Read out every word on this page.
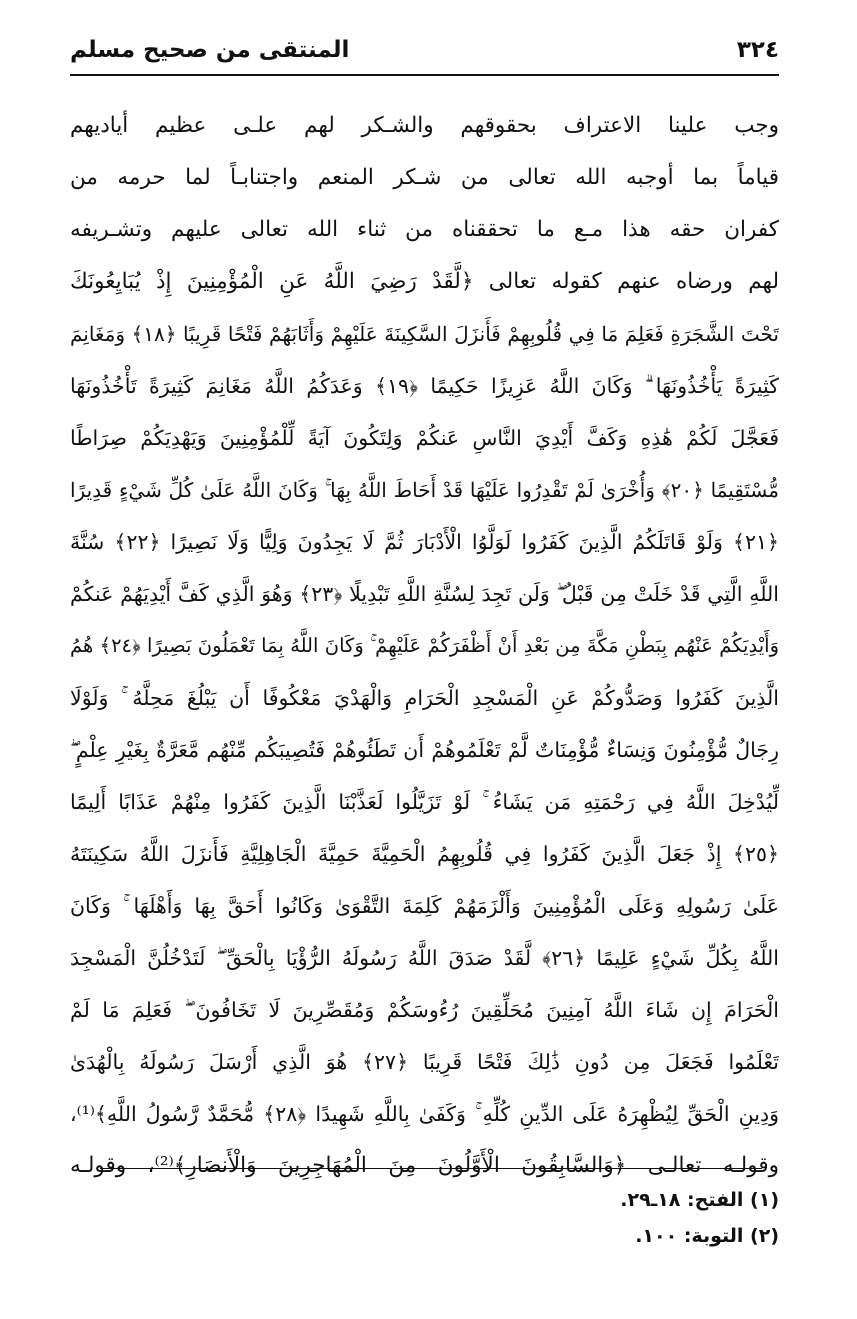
٣٢٤
المنتقى من صحيح مسلم
وجب علينا الاعتراف بحقوقهم والشـكر لهم علـى عظيم أياديهم
قياماً بما أوجبه الله تعالى من شـكر المنعم واجتنابـاً لما حرمه من
كفران حقه هذا مـع ما تحققناه من ثناء الله تعالى عليهم وتشـريفه
لهم ورضاه عنهم كقوله تعالى ﴿لَّقَدْ رَضِيَ اللَّهُ عَنِ الْمُؤْمِنِينَ إِذْ يُبَايِعُونَكَ
تَحْتَ الشَّجَرَةِ فَعَلِمَ مَا فِي قُلُوبِهِمْ فَأَنزَلَ السَّكِينَةَ عَلَيْهِمْ وَأَثَابَهُمْ فَتْحًا قَرِيبًا ﴿١٨﴾ وَمَغَانِمَ
كَثِيرَةً يَأْخُذُونَهَا ۗ وَكَانَ اللَّهُ عَزِيزًا حَكِيمًا ﴿١٩﴾ وَعَدَكُمُ اللَّهُ مَغَانِمَ كَثِيرَةً تَأْخُذُونَهَا
فَعَجَّلَ لَكُمْ هَٰذِهِ وَكَفَّ أَيْدِيَ النَّاسِ عَنكُمْ وَلِتَكُونَ آيَةً لِّلْمُؤْمِنِينَ وَيَهْدِيَكُمْ صِرَاطًا
مُّسْتَقِيمًا ﴿٢٠﴾ وَأُخْرَىٰ لَمْ تَقْدِرُوا عَلَيْهَا قَدْ أَحَاطَ اللَّهُ بِهَا ۚ وَكَانَ اللَّهُ عَلَىٰ كُلِّ شَيْءٍ قَدِيرًا
﴿٢١﴾ وَلَوْ قَاتَلَكُمُ الَّذِينَ كَفَرُوا لَوَلَّوُا الْأَدْبَارَ ثُمَّ لَا يَجِدُونَ وَلِيًّا وَلَا نَصِيرًا ﴿٢٢﴾ سُنَّةَ
اللَّهِ الَّتِي قَدْ خَلَتْ مِن قَبْلُ ۖ وَلَن تَجِدَ لِسُنَّةِ اللَّهِ تَبْدِيلًا ﴿٢٣﴾ وَهُوَ الَّذِي كَفَّ أَيْدِيَهُمْ عَنكُمْ
وَأَيْدِيَكُمْ عَنْهُم بِبَطْنِ مَكَّةَ مِن بَعْدِ أَنْ أَظْفَرَكُمْ عَلَيْهِمْ ۚ وَكَانَ اللَّهُ بِمَا تَعْمَلُونَ بَصِيرًا ﴿٢٤﴾ هُمُ
الَّذِينَ كَفَرُوا وَصَدُّوكُمْ عَنِ الْمَسْجِدِ الْحَرَامِ وَالْهَدْيَ مَعْكُوفًا أَن يَبْلُغَ مَحِلَّهُ ۚ وَلَوْلَا
رِجَالٌ مُّؤْمِنُونَ وَنِسَاءٌ مُّؤْمِنَاتٌ لَّمْ تَعْلَمُوهُمْ أَن تَطَئُوهُمْ فَتُصِيبَكُم مِّنْهُم مَّعَرَّةٌ بِغَيْرِ عِلْمٍ ۖ
لِّيُدْخِلَ اللَّهُ فِي رَحْمَتِهِ مَن يَشَاءُ ۚ لَوْ تَزَيَّلُوا لَعَذَّبْنَا الَّذِينَ كَفَرُوا مِنْهُمْ عَذَابًا أَلِيمًا
﴿٢٥﴾ إِذْ جَعَلَ الَّذِينَ كَفَرُوا فِي قُلُوبِهِمُ الْحَمِيَّةَ حَمِيَّةَ الْجَاهِلِيَّةِ فَأَنزَلَ اللَّهُ سَكِينَتَهُ
عَلَىٰ رَسُولِهِ وَعَلَى الْمُؤْمِنِينَ وَأَلْزَمَهُمْ كَلِمَةَ التَّقْوَىٰ وَكَانُوا أَحَقَّ بِهَا وَأَهْلَهَا ۚ وَكَانَ
اللَّهُ بِكُلِّ شَيْءٍ عَلِيمًا ﴿٢٦﴾ لَّقَدْ صَدَقَ اللَّهُ رَسُولَهُ الرُّؤْيَا بِالْحَقِّ ۖ لَتَدْخُلُنَّ الْمَسْجِدَ
الْحَرَامَ إِن شَاءَ اللَّهُ آمِنِينَ مُحَلِّقِينَ رُءُوسَكُمْ وَمُقَصِّرِينَ لَا تَخَافُونَ ۖ فَعَلِمَ مَا لَمْ
تَعْلَمُوا فَجَعَلَ مِن دُونِ ذَٰلِكَ فَتْحًا قَرِيبًا ﴿٢٧﴾ هُوَ الَّذِي أَرْسَلَ رَسُولَهُ بِالْهُدَىٰ
وَدِينِ الْحَقِّ لِيُظْهِرَهُ عَلَى الدِّينِ كُلِّهِ ۚ وَكَفَىٰ بِاللَّهِ شَهِيدًا ﴿٢٨﴾ مُّحَمَّدٌ رَّسُولُ اللَّهِ﴾⁽¹⁾،
وقولـه تعالـى ﴿وَالسَّابِقُونَ الْأَوَّلُونَ مِنَ الْمُهَاجِرِينَ وَالْأَنصَارِ﴾⁽²⁾، وقولـه
(١) الفتح: ١٨ـ٢٩.
(٢) التوبة: ١٠٠.
